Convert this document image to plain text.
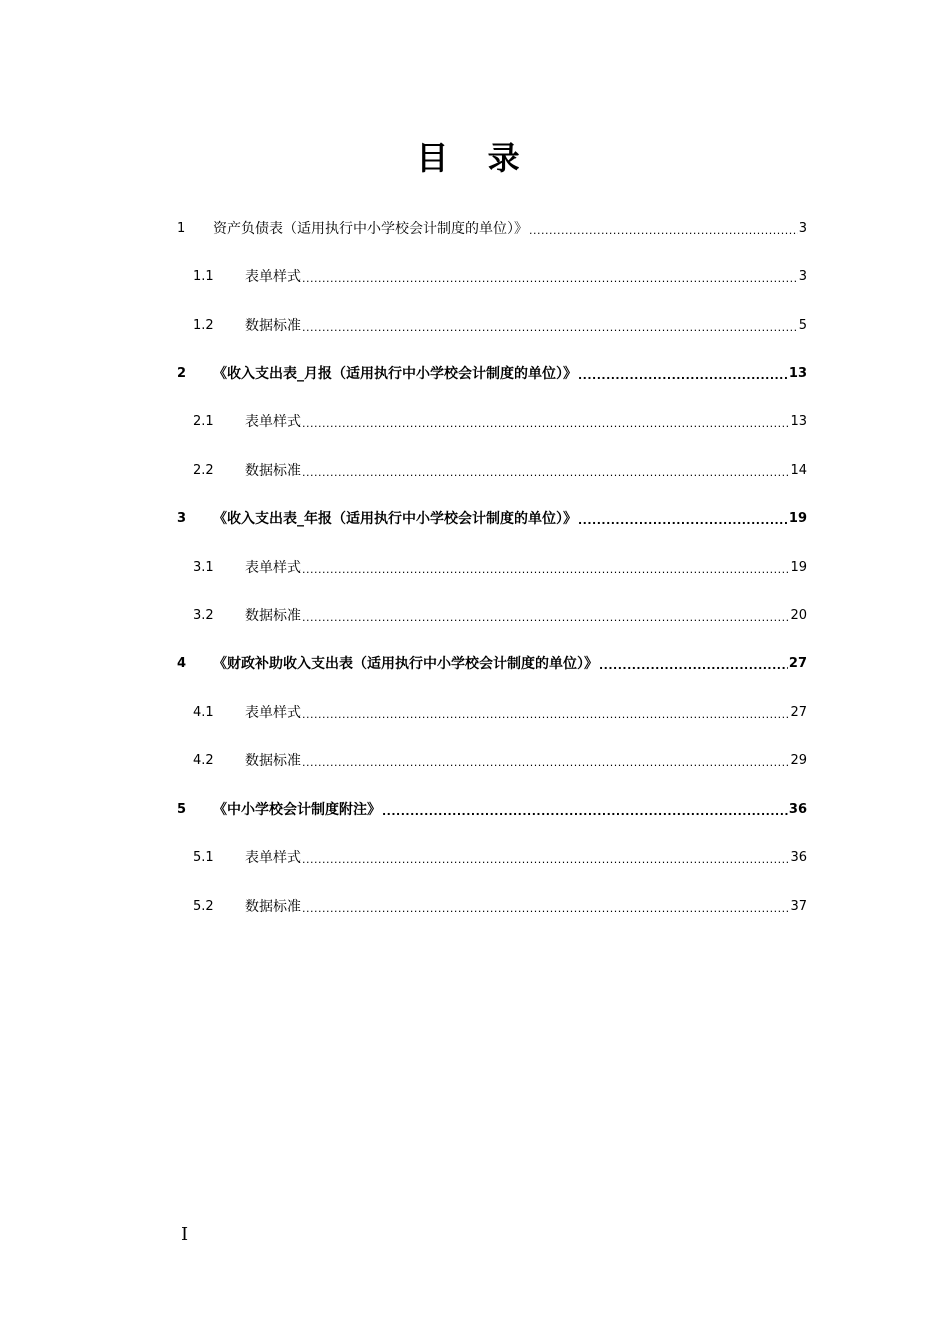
目 录
1	资产负债表（适用执行中小学校会计制度的单位）》 .....	3
1.1	表单样式 .....	3
1.2	数据标准 .....	5
2	《收入支出表_月报（适用执行中小学校会计制度的单位）》 .....	13
2.1	表单样式 .....	13
2.2	数据标准 .....	14
3	《收入支出表_年报（适用执行中小学校会计制度的单位）》 .....	19
3.1	表单样式 .....	19
3.2	数据标准 .....	20
4	《财政补助收入支出表（适用执行中小学校会计制度的单位）》 .....	27
4.1	表单样式 .....	27
4.2	数据标准 .....	29
5	《中小学校会计制度附注》 .....	36
5.1	表单样式 .....	36
5.2	数据标准 .....	37
I
